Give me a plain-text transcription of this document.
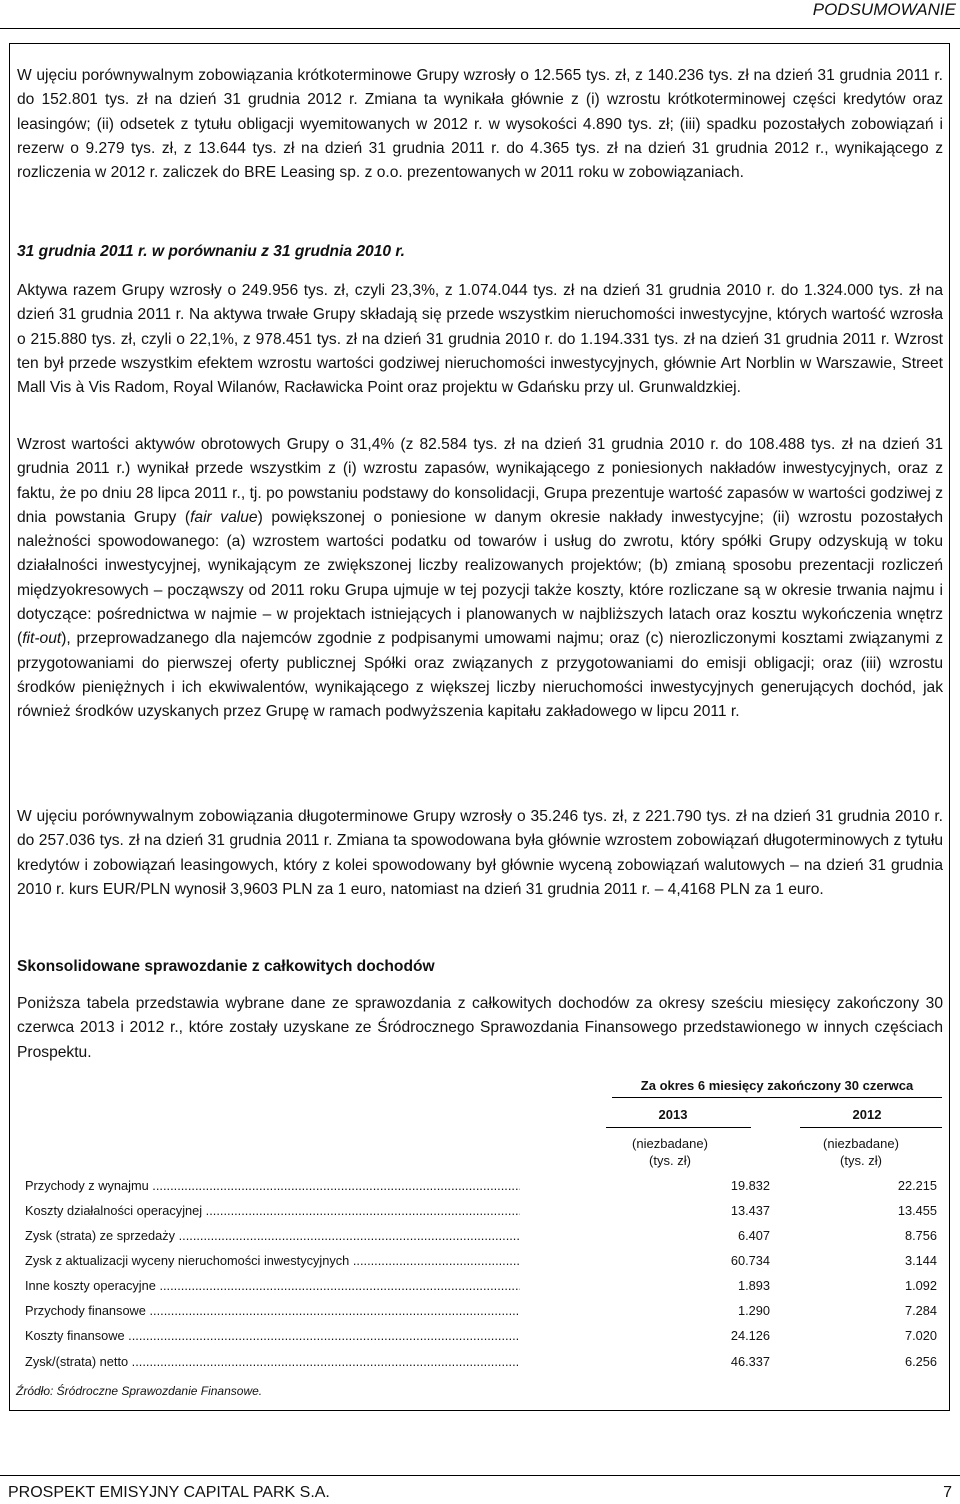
PODSUMOWANIE

W ujęciu porównywalnym zobowiązania krótkoterminowe Grupy wzrosły o 12.565 tys. zł, z 140.236 tys. zł na dzień 31 grudnia 2011 r. do 152.801 tys. zł na dzień 31 grudnia 2012 r. Zmiana ta wynikała głównie z (i) wzrostu krótkoterminowej części kredytów oraz leasingów; (ii) odsetek z tytułu obligacji wyemitowanych w 2012 r. w wysokości 4.890 tys. zł; (iii) spadku pozostałych zobowiązań i rezerw o 9.279 tys. zł, z 13.644 tys. zł na dzień 31 grudnia 2011 r. do 4.365 tys. zł na dzień 31 grudnia 2012 r., wynikającego z rozliczenia w 2012 r. zaliczek do BRE Leasing sp. z o.o. prezentowanych w 2011 roku w zobowiązaniach.

31 grudnia 2011 r. w porównaniu z 31 grudnia 2010 r.

Aktywa razem Grupy wzrosły o 249.956 tys. zł, czyli 23,3%, z 1.074.044 tys. zł na dzień 31 grudnia 2010 r. do 1.324.000 tys. zł na dzień 31 grudnia 2011 r. Na aktywa trwałe Grupy składają się przede wszystkim nieruchomości inwestycyjne, których wartość wzrosła o 215.880 tys. zł, czyli o 22,1%, z 978.451 tys. zł na dzień 31 grudnia 2010 r. do 1.194.331 tys. zł na dzień 31 grudnia 2011 r. Wzrost ten był przede wszystkim efektem wzrostu wartości godziwej nieruchomości inwestycyjnych, głównie Art Norblin w Warszawie, Street Mall Vis à Vis Radom, Royal Wilanów, Racławicka Point oraz projektu w Gdańsku przy ul. Grunwaldzkiej.

Wzrost wartości aktywów obrotowych Grupy o 31,4% (z 82.584 tys. zł na dzień 31 grudnia 2010 r. do 108.488 tys. zł na dzień 31 grudnia 2011 r.) wynikał przede wszystkim z (i) wzrostu zapasów, wynikającego z poniesionych nakładów inwestycyjnych, oraz z faktu, że po dniu 28 lipca 2011 r., tj. po powstaniu podstawy do konsolidacji, Grupa prezentuje wartość zapasów w wartości godziwej z dnia powstania Grupy (fair value) powiększonej o poniesione w danym okresie nakłady inwestycyjne; (ii) wzrostu pozostałych należności spowodowanego: (a) wzrostem wartości podatku od towarów i usług do zwrotu, który spółki Grupy odzyskują w toku działalności inwestycyjnej, wynikającym ze zwiększonej liczby realizowanych projektów; (b) zmianą sposobu prezentacji rozliczeń międzyokresowych – począwszy od 2011 roku Grupa ujmuje w tej pozycji także koszty, które rozliczane są w okresie trwania najmu i dotyczące: pośrednictwa w najmie – w projektach istniejących i planowanych w najbliższych latach oraz kosztu wykończenia wnętrz (fit-out), przeprowadzanego dla najemców zgodnie z podpisanymi umowami najmu; oraz (c) nierozliczonymi kosztami związanymi z przygotowaniami do pierwszej oferty publicznej Spółki oraz związanych z przygotowaniami do emisji obligacji; oraz (iii) wzrostu środków pieniężnych i ich ekwiwalentów, wynikającego z większej liczby nieruchomości inwestycyjnych generujących dochód, jak również środków uzyskanych przez Grupę w ramach podwyższenia kapitału zakładowego w lipcu 2011 r.

W ujęciu porównywalnym zobowiązania długoterminowe Grupy wzrosły o 35.246 tys. zł, z 221.790 tys. zł na dzień 31 grudnia 2010 r. do 257.036 tys. zł na dzień 31 grudnia 2011 r. Zmiana ta spowodowana była głównie wzrostem zobowiązań długoterminowych z tytułu kredytów i zobowiązań leasingowych, który z kolei spowodowany był głównie wyceną zobowiązań walutowych – na dzień 31 grudnia 2010 r. kurs EUR/PLN wynosił 3,9603 PLN za 1 euro, natomiast na dzień 31 grudnia 2011 r. – 4,4168 PLN za 1 euro.

Skonsolidowane sprawozdanie z całkowitych dochodów

Poniższa tabela przedstawia wybrane dane ze sprawozdania z całkowitych dochodów za okresy sześciu miesięcy zakończony 30 czerwca 2013 i 2012 r., które zostały uzyskane ze Śródrocznego Sprawozdania Finansowego przedstawionego w innych częściach Prospektu.

Za okres 6 miesięcy zakończony 30 czerwca
2013	2012
(niezbadane)
(tys. zł)
(niezbadane)
(tys. zł)
Przychody z wynajmu .....	19.832	22.215
Koszty działalności operacyjnej .....	13.437	13.455
Zysk (strata) ze sprzedaży .....	6.407	8.756
Zysk z aktualizacji wyceny nieruchomości inwestycyjnych .....	60.734	3.144
Inne koszty operacyjne .....	1.893	1.092
Przychody finansowe .....	1.290	7.284
Koszty finansowe .....	24.126	7.020
Zysk/(strata) netto .....	46.337	6.256
Źródło: Śródroczne Sprawozdanie Finansowe.
PROSPEKT EMISYJNY CAPITAL PARK S.A.	7
